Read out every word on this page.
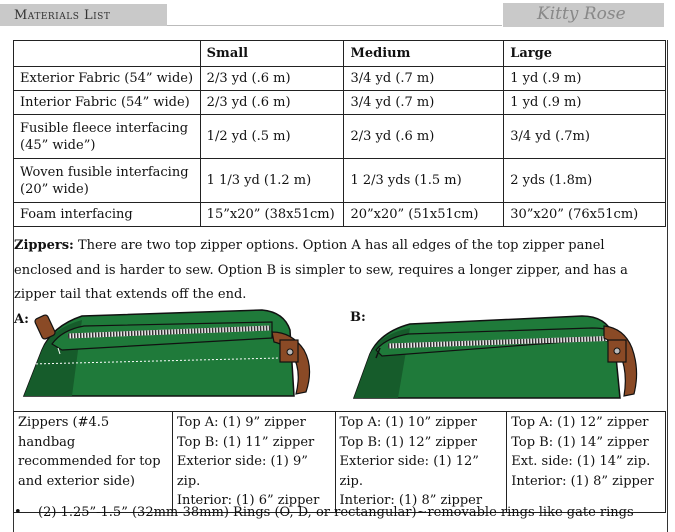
Materials List	Kitty Rose
	Small	Medium	Large
Exterior Fabric (54” wide)	2/3 yd (.6 m)	3/4 yd (.7 m)	1 yd (.9 m)
Interior Fabric (54” wide)	2/3 yd (.6 m)	3/4 yd (.7 m)	1 yd (.9 m)
Fusible fleece interfacing (45” wide”)	1/2 yd (.5 m)	2/3 yd (.6 m)	3/4 yd (.7m)
Woven fusible interfacing (20” wide)	1 1/3 yd (1.2 m)	1 2/3 yds (1.5 m)	2 yds (1.8m)
Foam interfacing	15”x20” (38x51cm)	20”x20” (51x51cm)	30”x20” (76x51cm)
Zippers: There are two top zipper options. Option A has all edges of the top zipper panel enclosed and is harder to sew. Option B is simpler to sew, requires a longer zipper, and has a zipper tail that extends off the end.
A:	B:
Zippers (#4.5 handbag recommended for top and exterior side)	
Top A: (1) 9” zipper
Top B: (1) 11” zipper
Exterior side: (1) 9” zip.
Interior: (1) 6” zipper

Top A: (1) 10” zipper
Top B: (1) 12” zipper
Exterior side: (1) 12” zip.
Interior: (1) 8” zipper

Top A: (1) 12” zipper
Top B: (1) 14” zipper
Ext. side: (1) 14” zip.
Interior: (1) 8” zipper
• (2) 1.25”-1.5” (32mm-38mm) Rings (O, D, or rectangular)~removable rings like gate rings
